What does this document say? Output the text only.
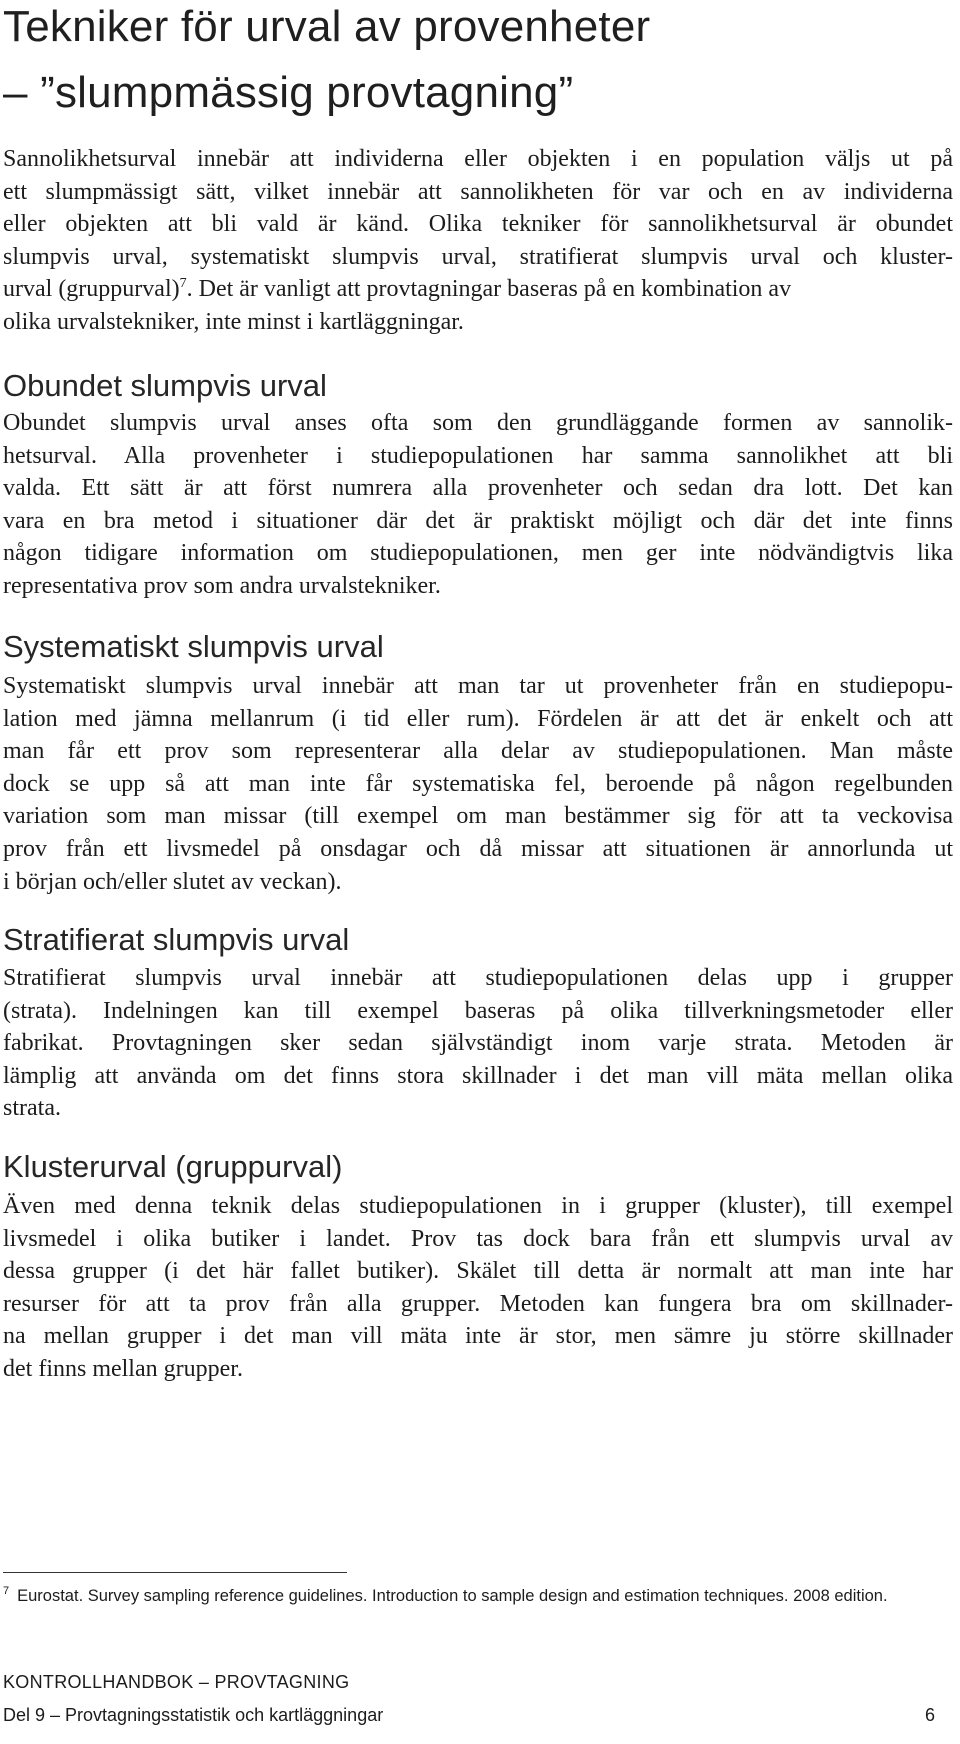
Tekniker för urval av provenheter
– ”slumpmässig provtagning”
Sannolikhetsurval innebär att individerna eller objekten i en population väljs ut på
ett slumpmässigt sätt, vilket innebär att sannolikheten för var och en av individerna
eller objekten att bli vald är känd. Olika tekniker för sannolikhetsurval är obundet
slumpvis urval, systematiskt slumpvis urval, stratifierat slumpvis urval och kluster-
urval (gruppurval)$^7$. Det är vanligt att provtagningar baseras på en kombination av
olika urvalstekniker, inte minst i kartläggningar.
Obundet slumpvis urval
Obundet slumpvis urval anses ofta som den grundläggande formen av sannolik-
hetsurval. Alla provenheter i studiepopulationen har samma sannolikhet att bli
valda. Ett sätt är att först numrera alla provenheter och sedan dra lott. Det kan
vara en bra metod i situationer där det är praktiskt möjligt och där det inte finns
någon tidigare information om studiepopulationen, men ger inte nödvändigtvis lika
representativa prov som andra urvalstekniker.
Systematiskt slumpvis urval
Systematiskt slumpvis urval innebär att man tar ut provenheter från en studiepopu-
lation med jämna mellanrum (i tid eller rum). Fördelen är att det är enkelt och att
man får ett prov som representerar alla delar av studiepopulationen. Man måste
dock se upp så att man inte får systematiska fel, beroende på någon regelbunden
variation som man missar (till exempel om man bestämmer sig för att ta veckovisa
prov från ett livsmedel på onsdagar och då missar att situationen är annorlunda ut
i början och/eller slutet av veckan).
Stratifierat slumpvis urval
Stratifierat slumpvis urval innebär att studiepopulationen delas upp i grupper
(strata). Indelningen kan till exempel baseras på olika tillverkningsmetoder eller
fabrikat. Provtagningen sker sedan självständigt inom varje strata. Metoden är
lämplig att använda om det finns stora skillnader i det man vill mäta mellan olika
strata.
Klusterurval (gruppurval)
Även med denna teknik delas studiepopulationen in i grupper (kluster), till exempel
livsmedel i olika butiker i landet. Prov tas dock bara från ett slumpvis urval av
dessa grupper (i det här fallet butiker). Skälet till detta är normalt att man inte har
resurser för att ta prov från alla grupper. Metoden kan fungera bra om skillnader-
na mellan grupper i det man vill mäta inte är stor, men sämre ju större skillnader
det finns mellan grupper.
$^7$ Eurostat. Survey sampling reference guidelines. Introduction to sample design and estimation techniques. 2008 edition.
KONTROLLHANDBOK – PROVTAGNING
Del 9 – Provtagningsstatistik och kartläggningar	6
